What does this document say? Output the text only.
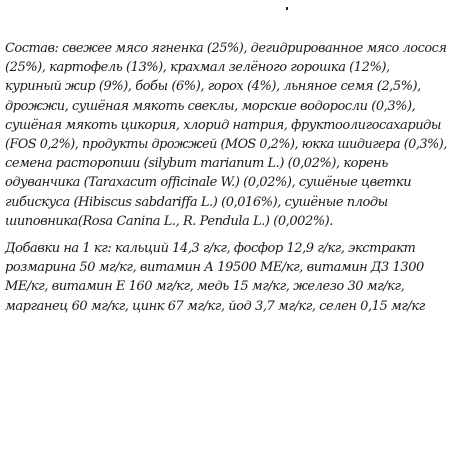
Состав: свежее мясо ягненка (25%), дегидрированное мясо лосося
(25%), картофель (13%), крахмал зелёного горошка (12%),
куриный жир (9%), бобы (6%), горох (4%), льняное семя (2,5%),
дрожжи, сушёная мякоть свеклы, морские водоросли (0,3%),
сушёная мякоть цикория, хлорид натрия, фруктоолигосахариды
(FOS 0,2%), продукты дрожжей (MOS 0,2%), юкка шидигера (0,3%),
семена расторопши (silybum marianum L.) (0,02%), корень
одуванчика (Taraxacum officinale W.) (0,02%), сушёные цветки
гибискуса (Hibiscus sabdariffa L.) (0,016%), сушёные плоды
шиповника(Rosa Canina L., R. Pendula L.) (0,002%).
Добавки на 1 кг: кальций 14,3 г/кг, фосфор 12,9 г/кг, экстракт
розмарина 50 мг/кг, витамин А 19500 МЕ/кг, витамин Д3 1300
МЕ/кг, витамин Е 160 мг/кг, медь 15 мг/кг, железо 30 мг/кг,
марганец 60 мг/кг, цинк 67 мг/кг, йод 3,7 мг/кг, селен 0,15 мг/кг
